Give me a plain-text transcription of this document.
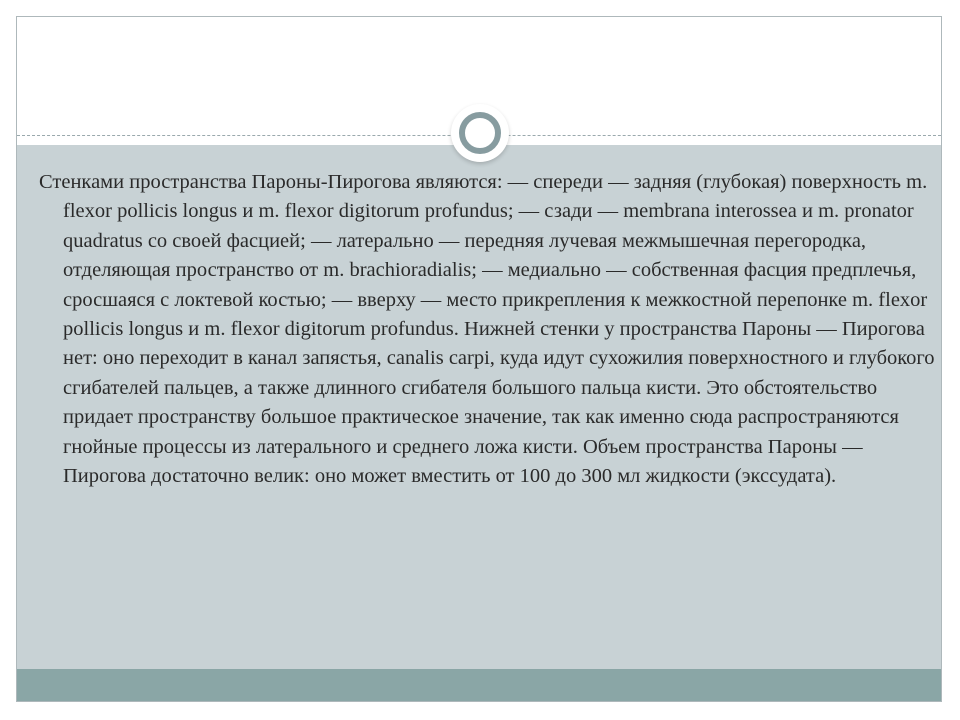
Стенками пространства Пароны-Пирогова являются: — спереди — задняя (глубокая) поверхность m. flexor pollicis longus и m. flexor digitorum profundus; — сзади — membrana interossea и m. pronator quadratus со своей фасцией; — латерально — передняя лучевая межмышечная перегородка, отделяющая пространство от m. brachioradialis; — медиально — собственная фасция предплечья, сросшаяся с локтевой костью; — вверху — место прикрепления к межкостной перепонке m. flexor pollicis longus и m. flexor digitorum profundus. Нижней стенки у пространства Пароны — Пирогова нет: оно переходит в канал запястья, canalis carpi, куда идут сухожилия поверхностного и глубокого сгибателей пальцев, а также длинного сгибателя большого пальца кисти. Это обстоятельство придает пространству большое практическое значение, так как именно сюда распространяются гнойные процессы из латерального и среднего ложа кисти. Объем пространства Пароны — Пирогова достаточно велик: оно может вместить от 100 до 300 мл жидкости (экссудата).
